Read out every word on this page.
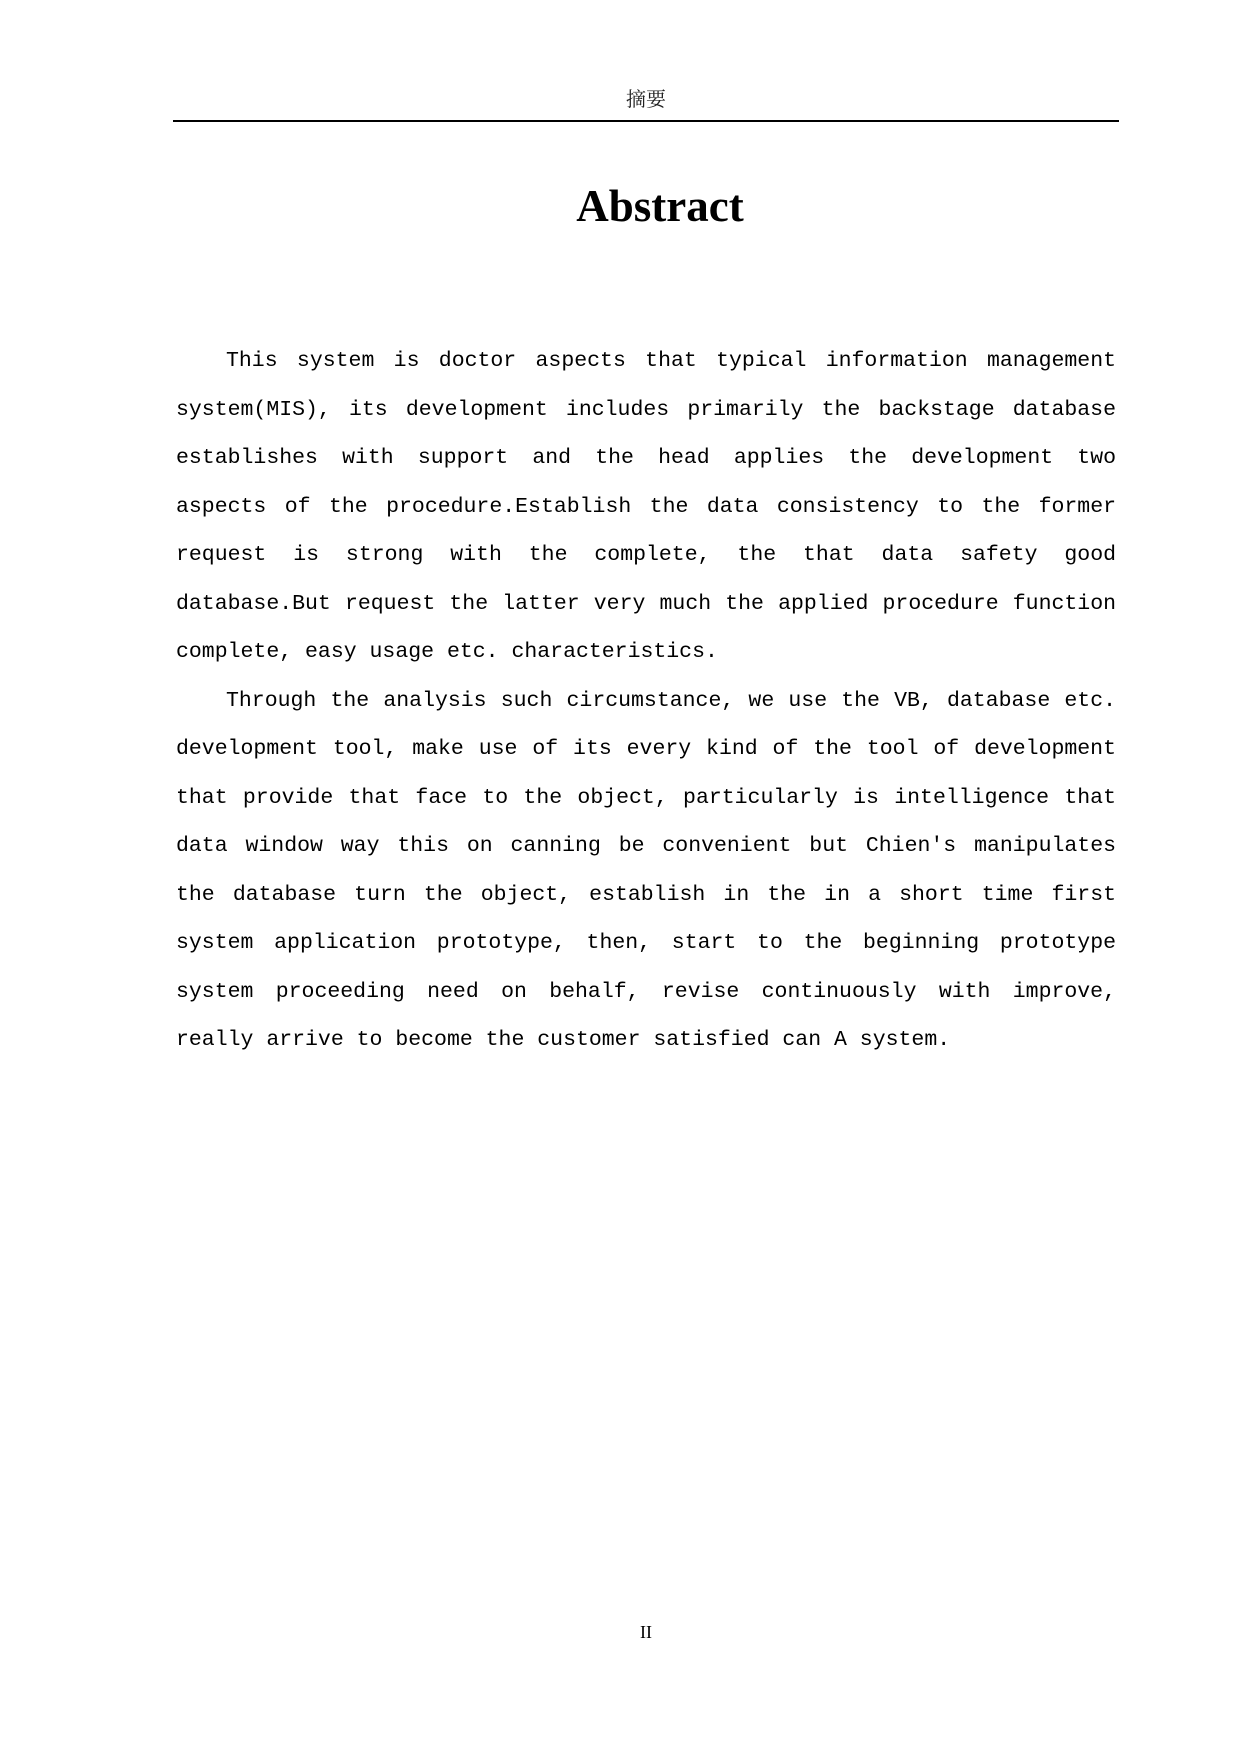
摘要
Abstract

This system is doctor aspects that typical information management system(MIS), its development includes primarily the backstage database establishes with support and the head applies the development two aspects of the procedure.Establish the data consistency to the former request is strong with the complete, the that data safety good database.But request the latter very much the applied procedure function complete, easy usage etc. characteristics.

Through the analysis such circumstance, we use the VB, database etc. development tool, make use of its every kind of the tool of development that provide that face to the object, particularly is intelligence that data window way this on canning be convenient but Chien's manipulates the database turn the object, establish in the in a short time first system application prototype, then, start to the beginning prototype system proceeding need on behalf, revise continuously with improve, really arrive to become the customer satisfied can A system.

II
